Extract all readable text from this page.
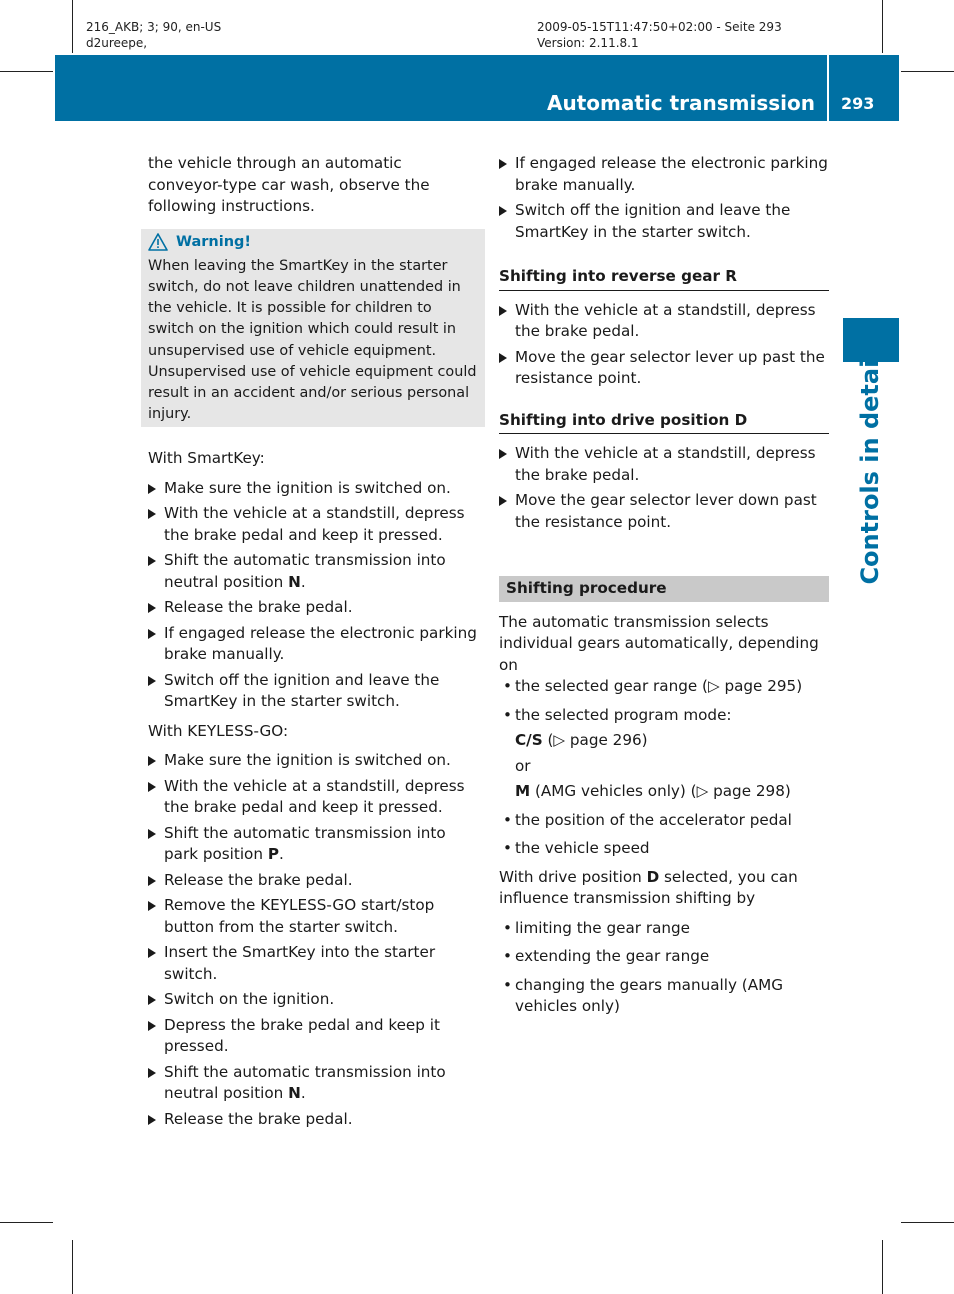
216_AKB; 3; 90, en-US
d2ureepe,
2009-05-15T11:47:50+02:00 - Seite 293
Version: 2.11.8.1
Automatic transmission 293
Controls in detail

the vehicle through an automatic conveyor-type car wash, observe the following instructions.

Warning!

When leaving the SmartKey in the starter switch, do not leave children unattended in the vehicle. It is possible for children to switch on the ignition which could result in unsupervised use of vehicle equipment. Unsupervised use of vehicle equipment could result in an accident and/or serious personal injury.

With SmartKey:

Make sure the ignition is switched on.
With the vehicle at a standstill, depress the brake pedal and keep it pressed.
Shift the automatic transmission into neutral position N.
Release the brake pedal.
If engaged release the electronic parking brake manually.
Switch off the ignition and leave the SmartKey in the starter switch.

With KEYLESS-GO:

Make sure the ignition is switched on.
With the vehicle at a standstill, depress the brake pedal and keep it pressed.
Shift the automatic transmission into park position P.
Release the brake pedal.
Remove the KEYLESS-GO start/stop button from the starter switch.
Insert the SmartKey into the starter switch.
Switch on the ignition.
Depress the brake pedal and keep it pressed.
Shift the automatic transmission into neutral position N.
Release the brake pedal.
If engaged release the electronic parking brake manually.
Switch off the ignition and leave the SmartKey in the starter switch.
Shifting into reverse gear R
With the vehicle at a standstill, depress the brake pedal.
Move the gear selector lever up past the resistance point.
Shifting into drive position D
With the vehicle at a standstill, depress the brake pedal.
Move the gear selector lever down past the resistance point.
Shifting procedure

The automatic transmission selects individual gears automatically, depending on

• the selected gear range (▷ page 295)
• the selected program mode:
C/S (▷ page 296)
or
M (AMG vehicles only) (▷ page 298)
• the position of the accelerator pedal
• the vehicle speed

With drive position D selected, you can influence transmission shifting by

• limiting the gear range
• extending the gear range
• changing the gears manually (AMG vehicles only)
